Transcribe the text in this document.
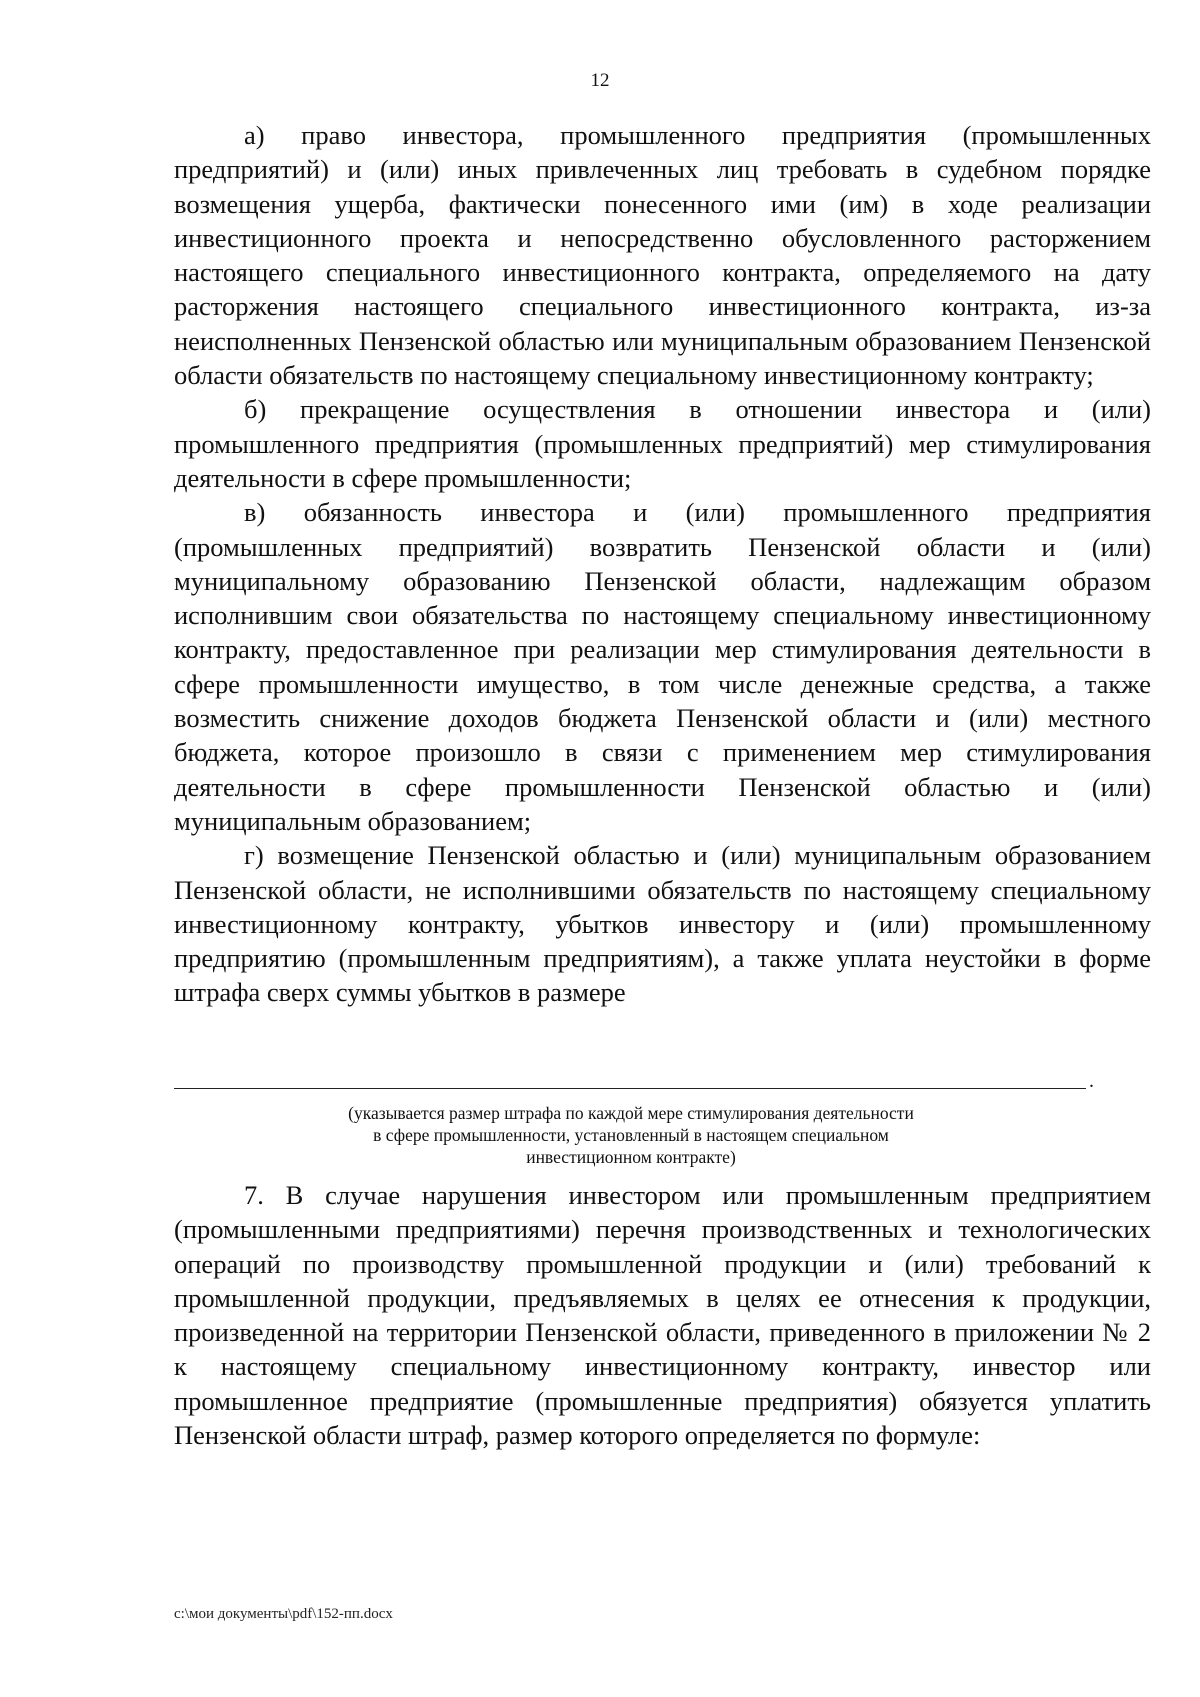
12

а) право инвестора, промышленного предприятия (промышленных предприятий) и (или) иных привлеченных лиц требовать в судебном порядке возмещения ущерба, фактически понесенного ими (им) в ходе реализации инвестиционного проекта и непосредственно обусловленного расторжением настоящего специального инвестиционного контракта, определяемого на дату расторжения настоящего специального инвестиционного контракта, из-за неисполненных Пензенской областью или муниципальным образованием Пензенской области обязательств по настоящему специальному инвестиционному контракту;

б) прекращение осуществления в отношении инвестора и (или) промышленного предприятия (промышленных предприятий) мер стимулирования деятельности в сфере промышленности;

в) обязанность инвестора и (или) промышленного предприятия (промышленных предприятий) возвратить Пензенской области и (или) муниципальному образованию Пензенской области, надлежащим образом исполнившим свои обязательства по настоящему специальному инвестиционному контракту, предоставленное при реализации мер стимулирования деятельности в сфере промышленности имущество, в том числе денежные средства, а также возместить снижение доходов бюджета Пензенской области и (или) местного бюджета, которое произошло в связи с применением мер стимулирования деятельности в сфере промышленности Пензенской областью и (или) муниципальным образованием;

г) возмещение Пензенской областью и (или) муниципальным образованием Пензенской области, не исполнившими обязательств по настоящему специальному инвестиционному контракту, убытков инвестору и (или) промышленному предприятию (промышленным предприятиям), а также уплата неустойки в форме штрафа сверх суммы убытков в размере

.
(указывается размер штрафа по каждой мере стимулирования деятельности
в сфере промышленности, установленный в настоящем специальном
инвестиционном контракте)

7. В случае нарушения инвестором или промышленным предприятием (промышленными предприятиями) перечня производственных и технологических операций по производству промышленной продукции и (или) требований к промышленной продукции, предъявляемых в целях ее отнесения к продукции, произведенной на территории Пензенской области, приведенного в приложении № 2 к настоящему специальному инвестиционному контракту, инвестор или промышленное предприятие (промышленные предприятия) обязуется уплатить Пензенской области штраф, размер которого определяется по формуле:

c:\мои документы\pdf\152-пп.docx
